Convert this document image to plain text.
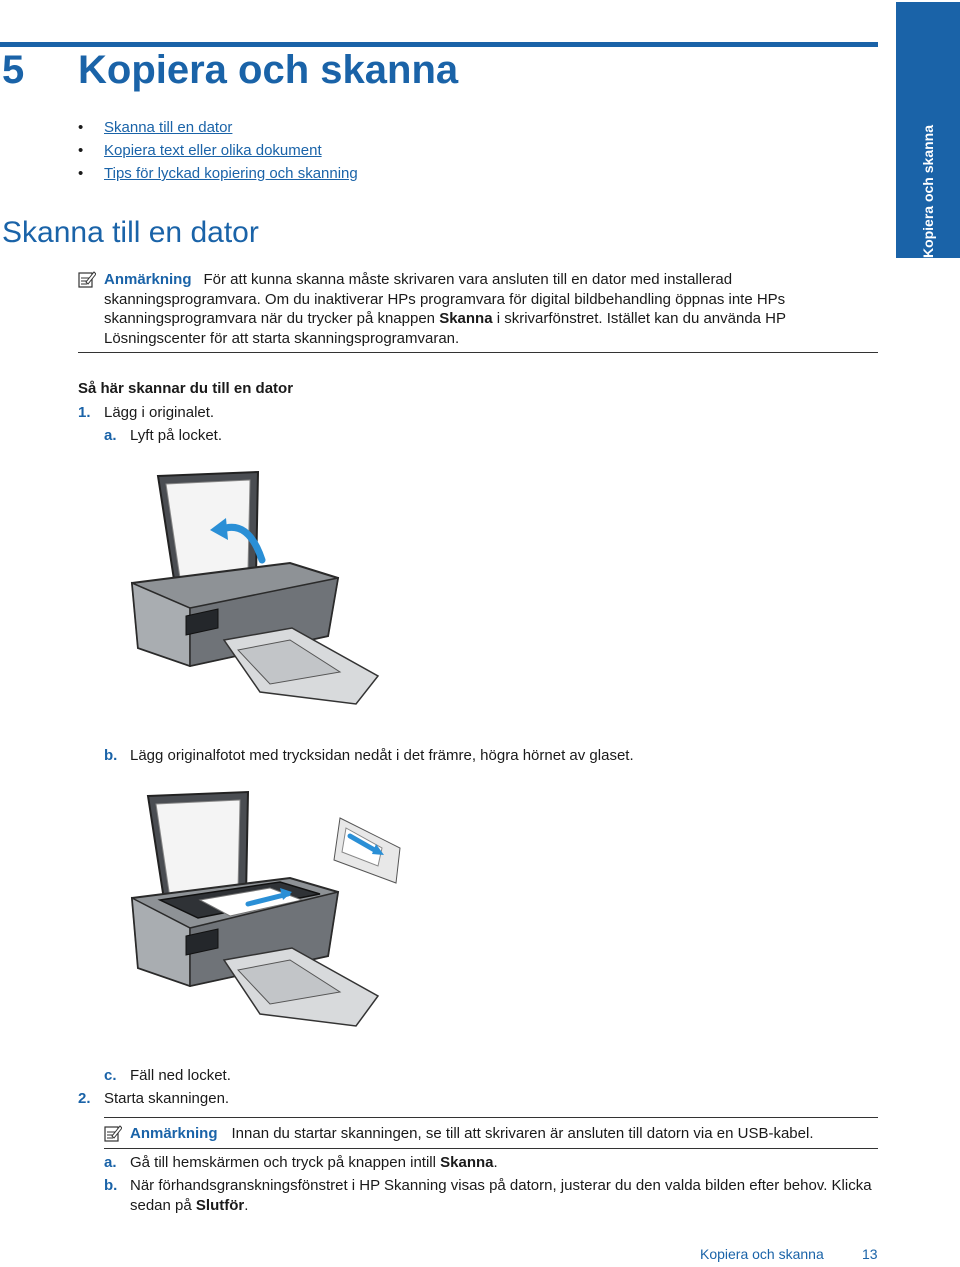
Kopiera och skanna
5 Kopiera och skanna
• Skanna till en dator
• Kopiera text eller olika dokument
• Tips för lyckad kopiering och skanning
Skanna till en dator
Anmärkning För att kunna skanna måste skrivaren vara ansluten till en dator med installerad skanningsprogramvara. Om du inaktiverar HPs programvara för digital bildbehandling öppnas inte HPs skanningsprogramvara när du trycker på knappen Skanna i skrivarfönstret. Istället kan du använda HP Lösningscenter för att starta skanningsprogramvaran.
Så här skannar du till en dator
1. Lägg i originalet.
a. Lyft på locket.
b. Lägg originalfotot med trycksidan nedåt i det främre, högra hörnet av glaset.
c. Fäll ned locket.
2. Starta skanningen.
Anmärkning Innan du startar skanningen, se till att skrivaren är ansluten till datorn via en USB-kabel.
a. Gå till hemskärmen och tryck på knappen intill Skanna.
b. När förhandsgranskningsfönstret i HP Skanning visas på datorn, justerar du den valda bilden efter behov. Klicka sedan på Slutför.
Kopiera och skanna	13
